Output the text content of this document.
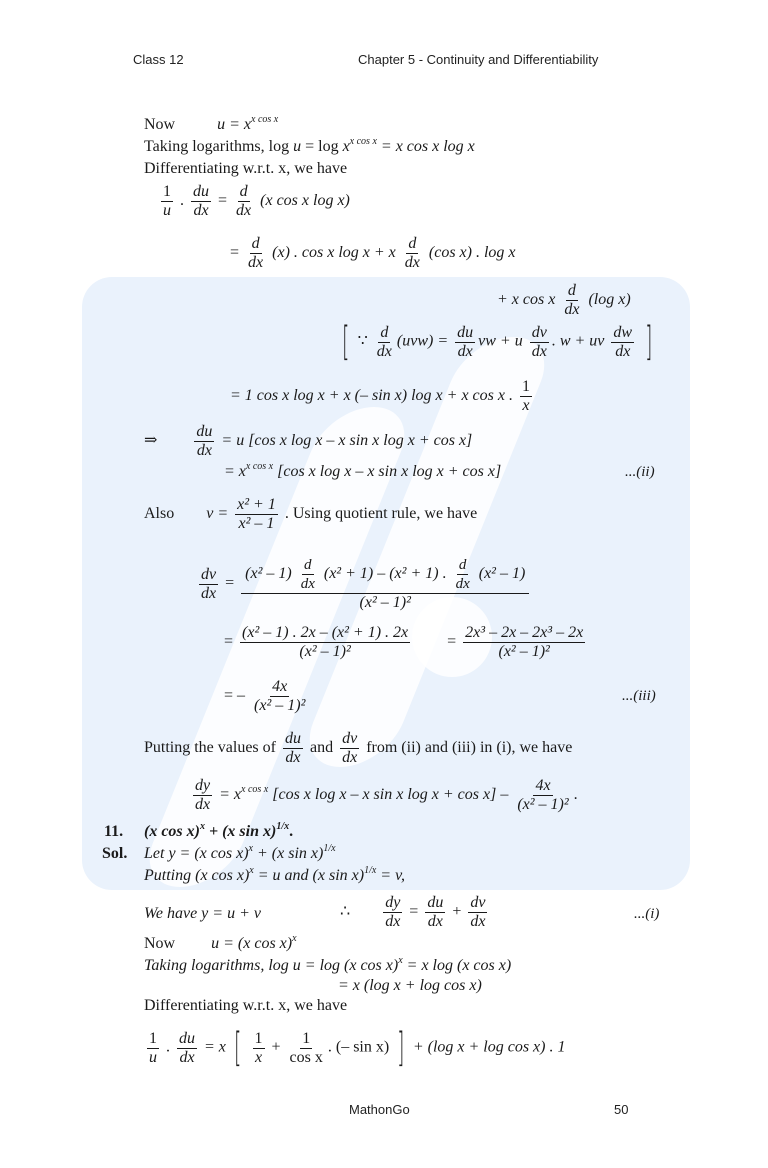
Class 12	Chapter 5 - Continuity and Differentiability
Now	$u = x^{x cos x}$
Taking logarithms, $\log u = \log x^{x cos x} = x$ cos x log x
Differentiating w.r.t. x, we have
$\frac{1}{u}$ . $\frac{du}{dx} = \frac{d}{dx} (x$ cos x log x)
= $\frac{d}{dx} (x)$ . cos x log x + x $\frac{d}{dx} (\cos$ x) . log x
+ x cos x $\frac{d}{dx} (\log$ x)
[ ∵ $\frac{d}{dx} (uvw) = \frac{du}{dx}$ vw + u $\frac{dv}{dx}$ . w + uv $\frac{dw}{dx}$ ]
= 1 cos x log x + x (– sin x) log x + x cos x . $\frac{1}{x}$
⇒ $\frac{du}{dx} = u$ [cos x log x – x sin x log x + cos x]
= $x^{x cos x}$ [cos x log x – x sin x log x + cos x]	...(ii)
Also $v = \frac{\text{x² + 1}}{\text{x² – 1}}$ . Using quotient rule, we have
$\frac{dv}{dx}$ =
$(x^2 - 1) \frac{d}{dx} (x^2 + 1) - (x^2 + 1)$ . $\frac{d}{dx} (x^2 - 1)$
(x² – 1)²
= $\frac{\text{(x² – 1) . 2x – (x² + 1) . 2x}}{\text{(x² – 1)²}} = \frac{\text{2x³ – 2x – 2x³ – 2x}}{\text{(x² – 1)²}}$
= – $\frac{4x}{\text{(x² – 1)²}}$	...(iii)
Putting the values of $\frac{du}{dx}$ and $\frac{dv}{dx}$ from (ii) and (iii) in (i), we have
$\frac{dy}{dx} = x^{x cos x}$ [cos x log x – x sin x $\log x + \cos x] - \frac{4x}{\text{(x² – 1)²}}$ .
11. (x cos x)$^x$ + (x sin x)$^{1/x}$.
Sol. Let y = (x cos x)$^x$ + (x sin x)$^{1/x}$
Putting (x cos x)$^x$ = u and (x sin x)$^{1/x}$ = v,
We have y = u + v	∴ $\frac{dy}{dx} = \frac{du}{dx} + \frac{dv}{dx}$	...(i)
Now u = (x cos x)$^x$
Taking logarithms, log u = log (x cos x)$^x$ = x log (x cos x)
= x (log x + log cos x)
Differentiating w.r.t. x, we have
$\frac{1}{u}$ . $\frac{du}{dx} = x$ [ $\frac{1}{x} + \frac{1}{\text{cos x}}$ . (– sin x) ] + (log x + log cos x) . 1
MathonGo	50
